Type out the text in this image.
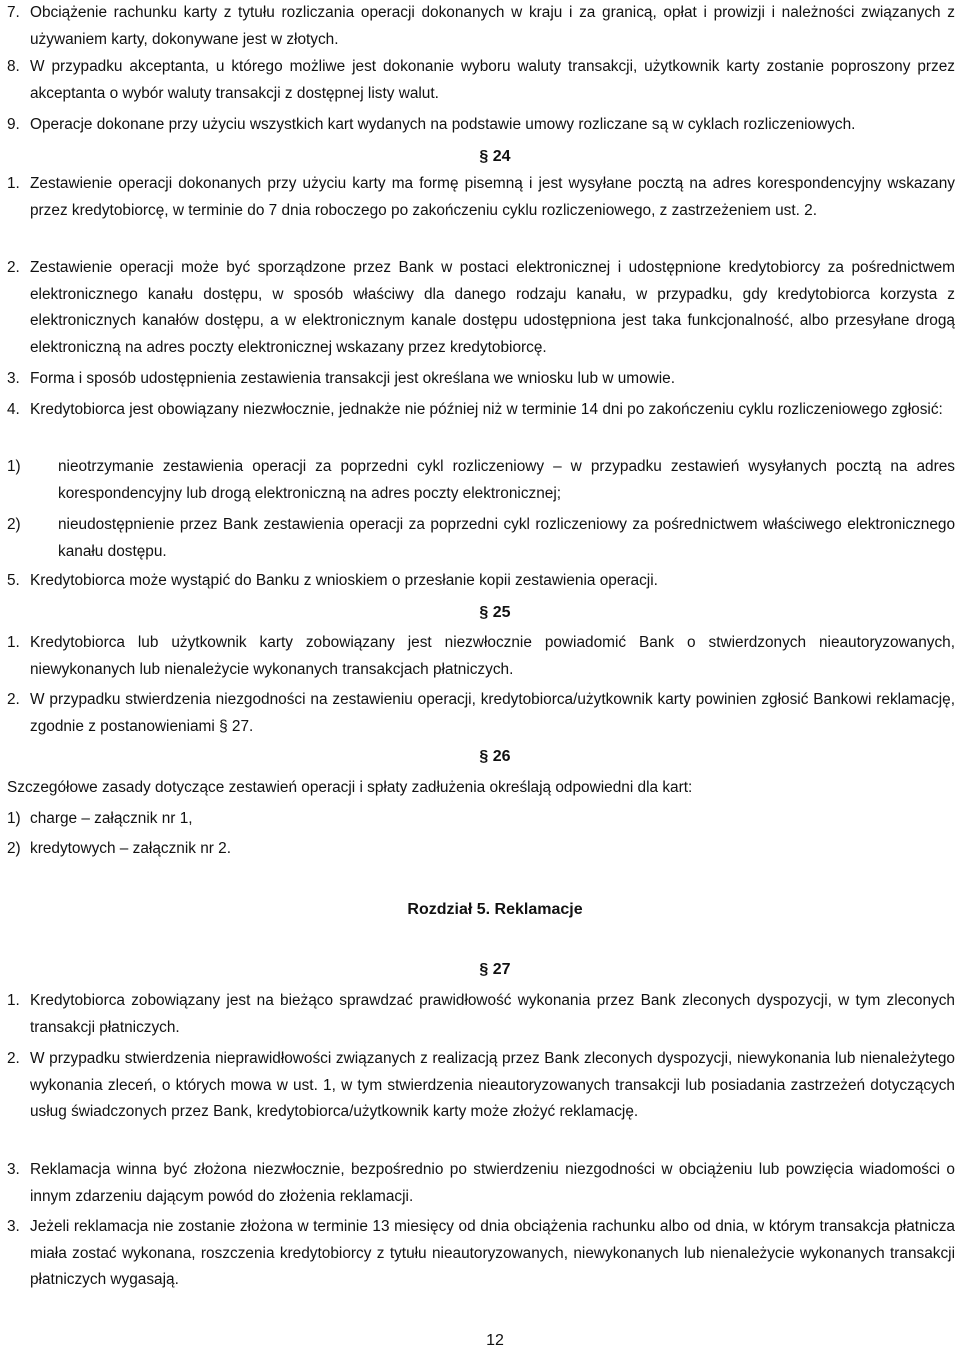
7. Obciążenie rachunku karty z tytułu rozliczania operacji dokonanych w kraju i za granicą, opłat i prowizji i należności związanych z używaniem karty, dokonywane jest w złotych.
8. W przypadku akceptanta, u którego możliwe jest dokonanie wyboru waluty transakcji, użytkownik karty zostanie poproszony przez akceptanta o wybór waluty transakcji z dostępnej listy walut.
9. Operacje dokonane przy użyciu wszystkich kart wydanych na podstawie umowy rozliczane są w cyklach rozliczeniowych.
§ 24
1. Zestawienie operacji dokonanych przy użyciu karty ma formę pisemną i jest wysyłane pocztą na adres korespondencyjny wskazany przez kredytobiorcę, w terminie do 7 dnia roboczego po zakończeniu cyklu rozliczeniowego, z zastrzeżeniem ust. 2.
2. Zestawienie operacji może być sporządzone przez Bank w postaci elektronicznej i udostępnione kredytobiorcy za pośrednictwem elektronicznego kanału dostępu, w sposób właściwy dla danego rodzaju kanału, w przypadku, gdy kredytobiorca korzysta z elektronicznych kanałów dostępu, a w elektronicznym kanale dostępu udostępniona jest taka funkcjonalność, albo przesyłane drogą elektroniczną na adres poczty elektronicznej wskazany przez kredytobiorcę.
3. Forma i sposób udostępnienia zestawienia transakcji jest określana we wniosku lub w umowie.
4. Kredytobiorca jest obowiązany niezwłocznie, jednakże nie później niż w terminie 14 dni po zakończeniu cyklu rozliczeniowego zgłosić:
1) nieotrzymanie zestawienia operacji za poprzedni cykl rozliczeniowy – w przypadku zestawień wysyłanych pocztą na adres korespondencyjny lub drogą elektroniczną na adres poczty elektronicznej;
2) nieudostępnienie przez Bank zestawienia operacji za poprzedni cykl rozliczeniowy za pośrednictwem właściwego elektronicznego kanału dostępu.
5. Kredytobiorca może wystąpić do Banku z wnioskiem o przesłanie kopii zestawienia operacji.
§ 25
1. Kredytobiorca lub użytkownik karty zobowiązany jest niezwłocznie powiadomić Bank o stwierdzonych nieautoryzowanych, niewykonanych lub nienależycie wykonanych transakcjach płatniczych.
2. W przypadku stwierdzenia niezgodności na zestawieniu operacji, kredytobiorca/użytkownik karty powinien zgłosić Bankowi reklamację, zgodnie z postanowieniami § 27.
§ 26
Szczegółowe zasady dotyczące zestawień operacji i spłaty zadłużenia określają odpowiedni dla kart:
1) charge – załącznik nr 1,
2) kredytowych – załącznik nr 2.
Rozdział 5. Reklamacje
§ 27
1. Kredytobiorca zobowiązany jest na bieżąco sprawdzać prawidłowość wykonania przez Bank zleconych dyspozycji, w tym zleconych transakcji płatniczych.
2. W przypadku stwierdzenia nieprawidłowości związanych z realizacją przez Bank zleconych dyspozycji, niewykonania lub nienależytego wykonania zleceń, o których mowa w ust. 1, w tym stwierdzenia nieautoryzowanych transakcji lub posiadania zastrzeżeń dotyczących usług świadczonych przez Bank, kredytobiorca/użytkownik karty może złożyć reklamację.
3. Reklamacja winna być złożona niezwłocznie, bezpośrednio po stwierdzeniu niezgodności w obciążeniu lub powzięcia wiadomości o innym zdarzeniu dającym powód do złożenia reklamacji.
3. Jeżeli reklamacja nie zostanie złożona w terminie 13 miesięcy od dnia obciążenia rachunku albo od dnia, w którym transakcja płatnicza miała zostać wykonana, roszczenia kredytobiorcy z tytułu nieautoryzowanych, niewykonanych lub nienależycie wykonanych transakcji płatniczych wygasają.
12
